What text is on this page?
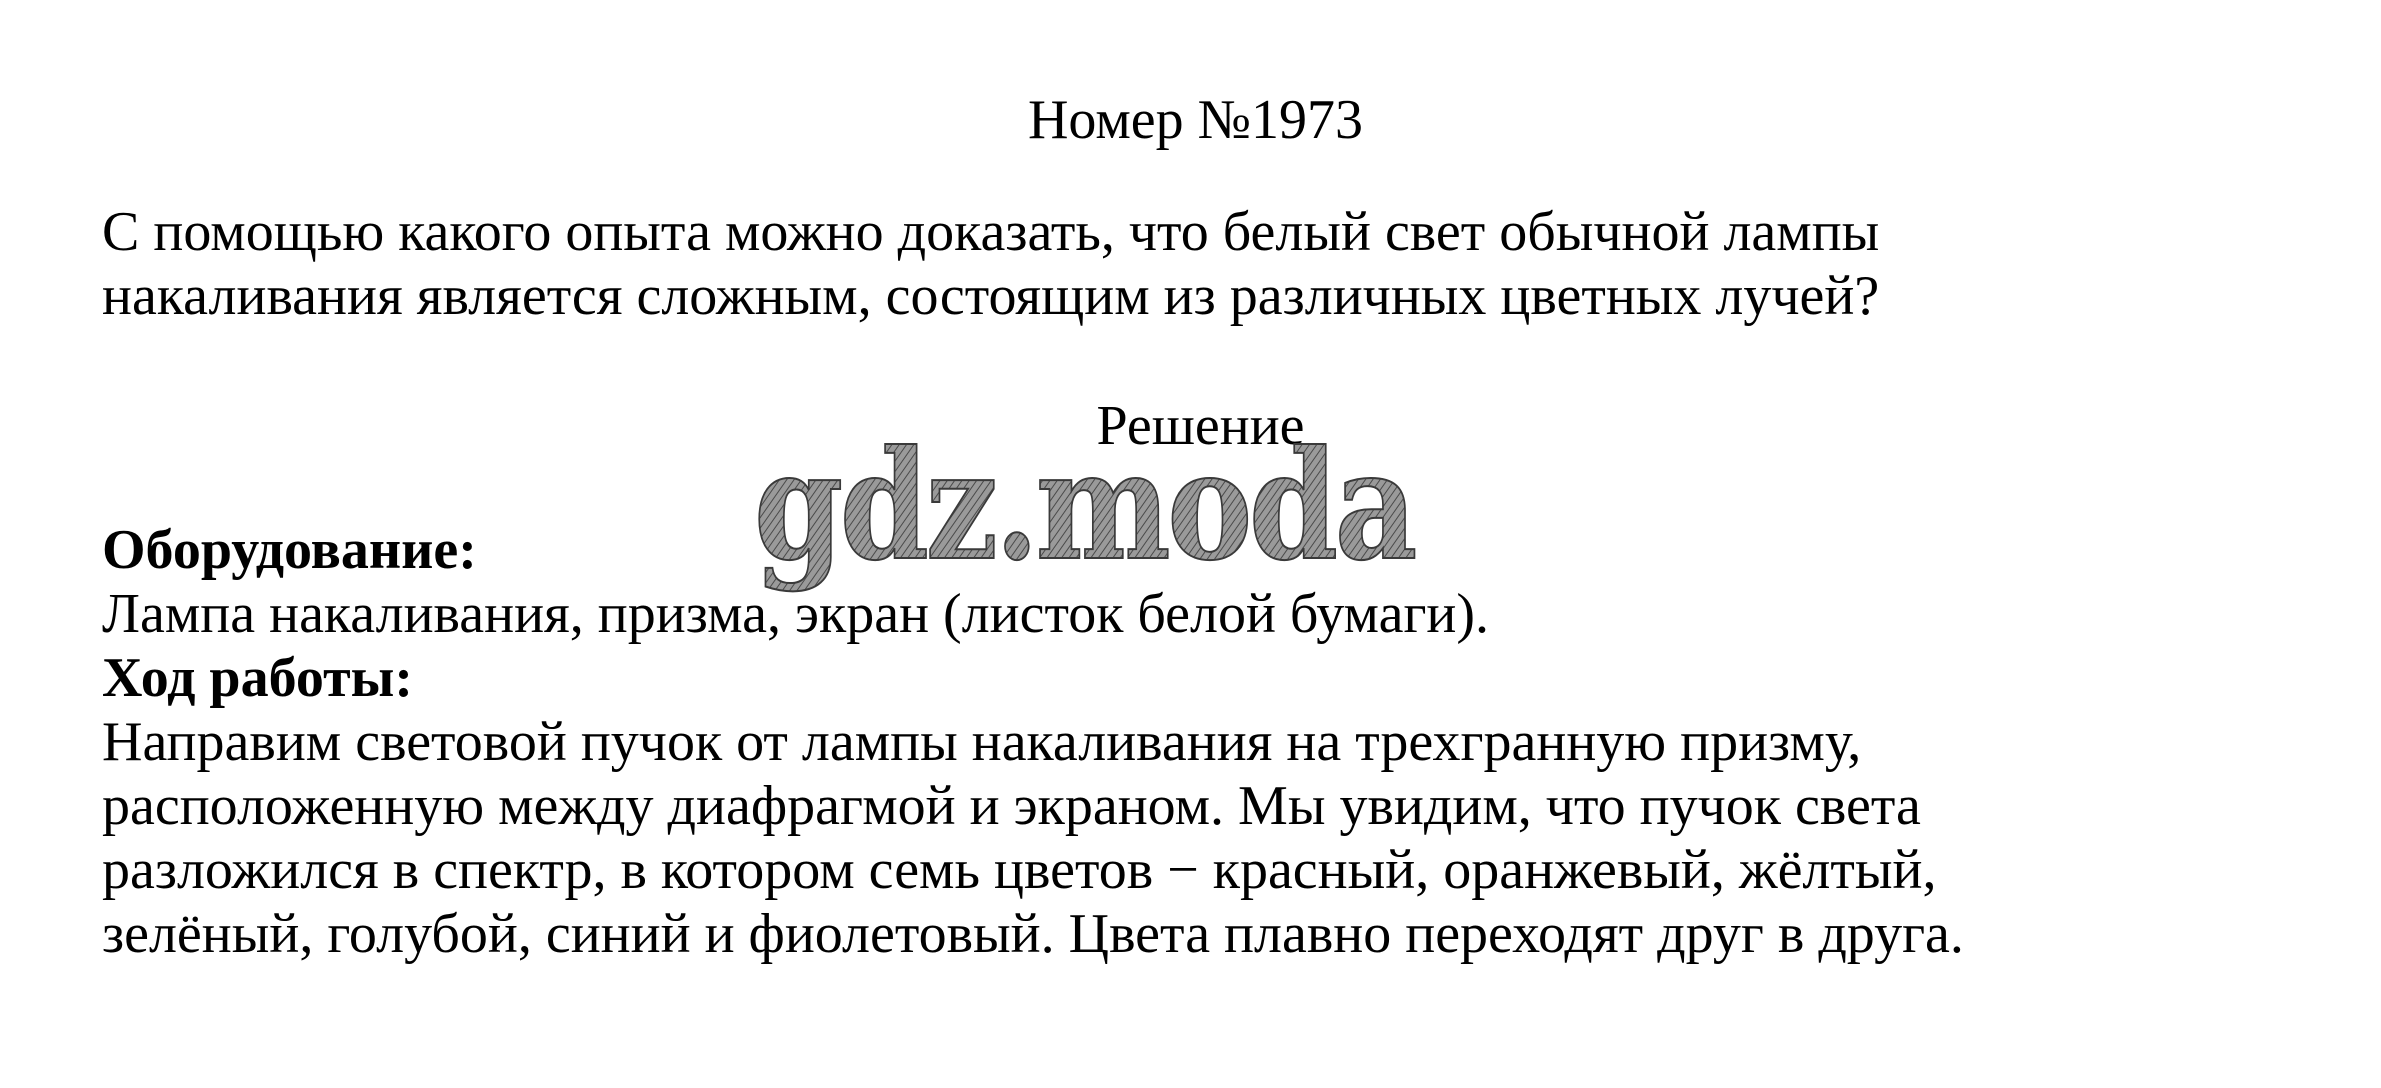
Номер №1973
С помощью какого опыта можно доказать, что белый свет обычной лампы
накаливания является сложным, состоящим из различных цветных лучей?
Решение
gdz.moda
Оборудование:
Лампа накаливания, призма, экран (листок белой бумаги).
Ход работы:
Направим световой пучок от лампы накаливания на трехгранную призму,
расположенную между диафрагмой и экраном. Мы увидим, что пучок света
разложился в спектр, в котором семь цветов − красный, оранжевый, жёлтый,
зелёный, голубой, синий и фиолетовый. Цвета плавно переходят друг в друга.
